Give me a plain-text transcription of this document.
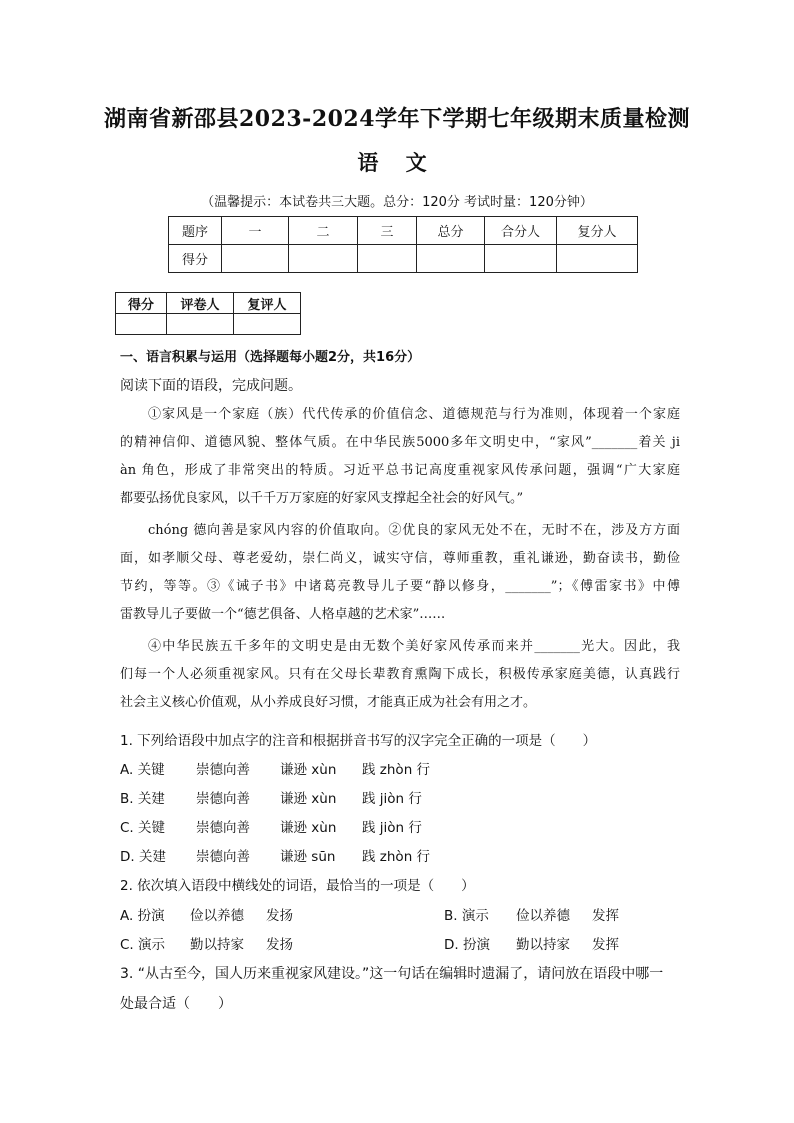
湖南省新邵县2023-2024学年下学期七年级期末质量检测
语 文
（温馨提示：本试卷共三大题。总分：120分 考试时量：120分钟）
题序	一	二	三	总分	合分人	复分人
得分						
得分	评卷人	复评人

一、语言积累与运用（选择题每小题2分，共16分）
阅读下面的语段，完成问题。
①家风是一个家庭（族）代代传承的价值信念、道德规范与行为准则，体现着一个家庭
的精神信仰、道德风貌、整体气质。在中华民族5000多年文明史中，“家风”_______着关 ji
àn 角色，形成了非常突出的特质。习近平总书记高度重视家风传承问题，强调“广大家庭
都要弘扬优良家风，以千千万万家庭的好家风支撑起全社会的好风气。”
chóng 德向善是家风内容的价值取向。②优良的家风无处不在，无时不在，涉及方方面
面，如孝顺父母、尊老爱幼，崇仁尚义，诚实守信，尊师重教，重礼谦逊，勤奋读书，勤俭
节约，等等。③《诫子书》中诸葛亮教导儿子要“静以修身，_______”；《傅雷家书》中傅
雷教导儿子要做一个“德艺俱备、人格卓越的艺术家”……
④中华民族五千多年的文明史是由无数个美好家风传承而来并_______光大。因此，我
们每一个人必须重视家风。只有在父母长辈教育熏陶下成长，积极传承家庭美德，认真践行
社会主义核心价值观，从小养成良好习惯，才能真正成为社会有用之才。
1. 下列给语段中加点字的注音和根据拼音书写的汉字完全正确的一项是（　　）
A. 关键 崇德向善 谦逊 xùn 践 zhòn 行
B. 关建 崇德向善 谦逊 xùn 践 jiòn 行
C. 关键 崇德向善 谦逊 xùn 践 jiòn 行
D. 关建 崇德向善 谦逊 sūn 践 zhòn 行
2. 依次填入语段中横线处的词语，最恰当的一项是（　　）
A. 扮演 俭以养德 发扬	B. 演示 俭以养德 发挥
C. 演示 勤以持家 发扬	D. 扮演 勤以持家 发挥
3. “从古至今，国人历来重视家风建设。”这一句话在编辑时遗漏了，请问放在语段中哪一
处最合适（　　）
